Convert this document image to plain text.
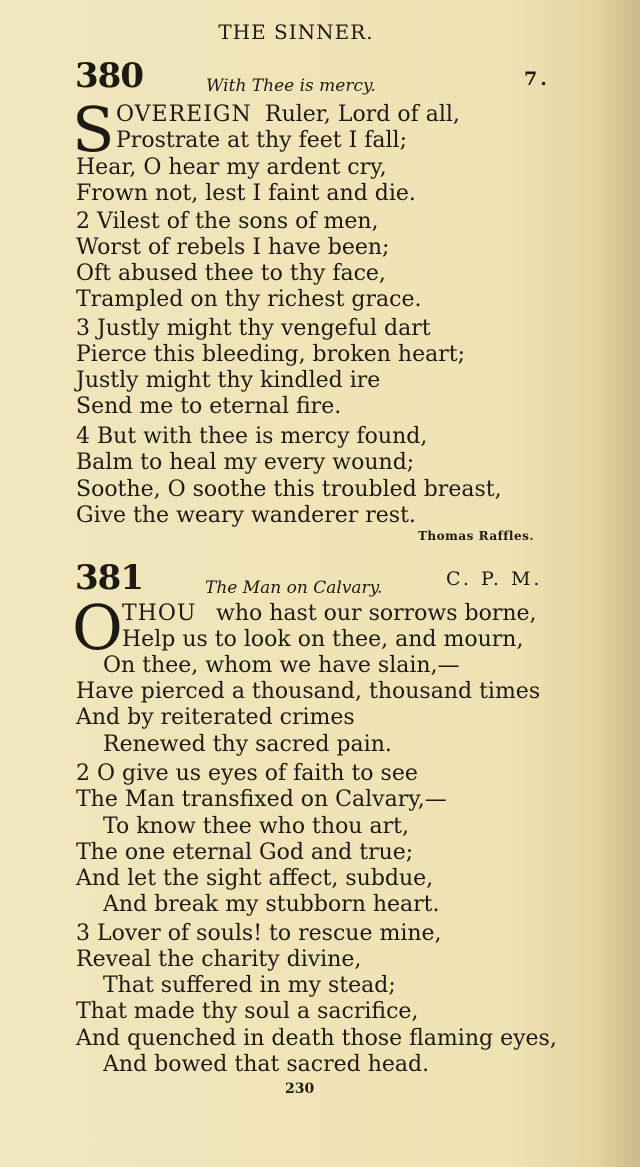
THE SINNER.
380	With Thee is mercy.	7.
S OVEREIGN Ruler, Lord of all,
Prostrate at thy feet I fall;
Hear, O hear my ardent cry,
Frown not, lest I faint and die.
2 Vilest of the sons of men,
Worst of rebels I have been;
Oft abused thee to thy face,
Trampled on thy richest grace.
3 Justly might thy vengeful dart
Pierce this bleeding, broken heart;
Justly might thy kindled ire
Send me to eternal fire.
4 But with thee is mercy found,
Balm to heal my every wound;
Soothe, O soothe this troubled breast,
Give the weary wanderer rest.
Thomas Raffles.
381	The Man on Calvary.	C. P. M.
O THOU who hast our sorrows borne,
Help us to look on thee, and mourn,
On thee, whom we have slain,—
Have pierced a thousand, thousand times
And by reiterated crimes
Renewed thy sacred pain.
2 O give us eyes of faith to see
The Man transfixed on Calvary,—
To know thee who thou art,
The one eternal God and true;
And let the sight affect, subdue,
And break my stubborn heart.
3 Lover of souls! to rescue mine,
Reveal the charity divine,
That suffered in my stead;
That made thy soul a sacrifice,
And quenched in death those flaming eyes,
And bowed that sacred head.
230
